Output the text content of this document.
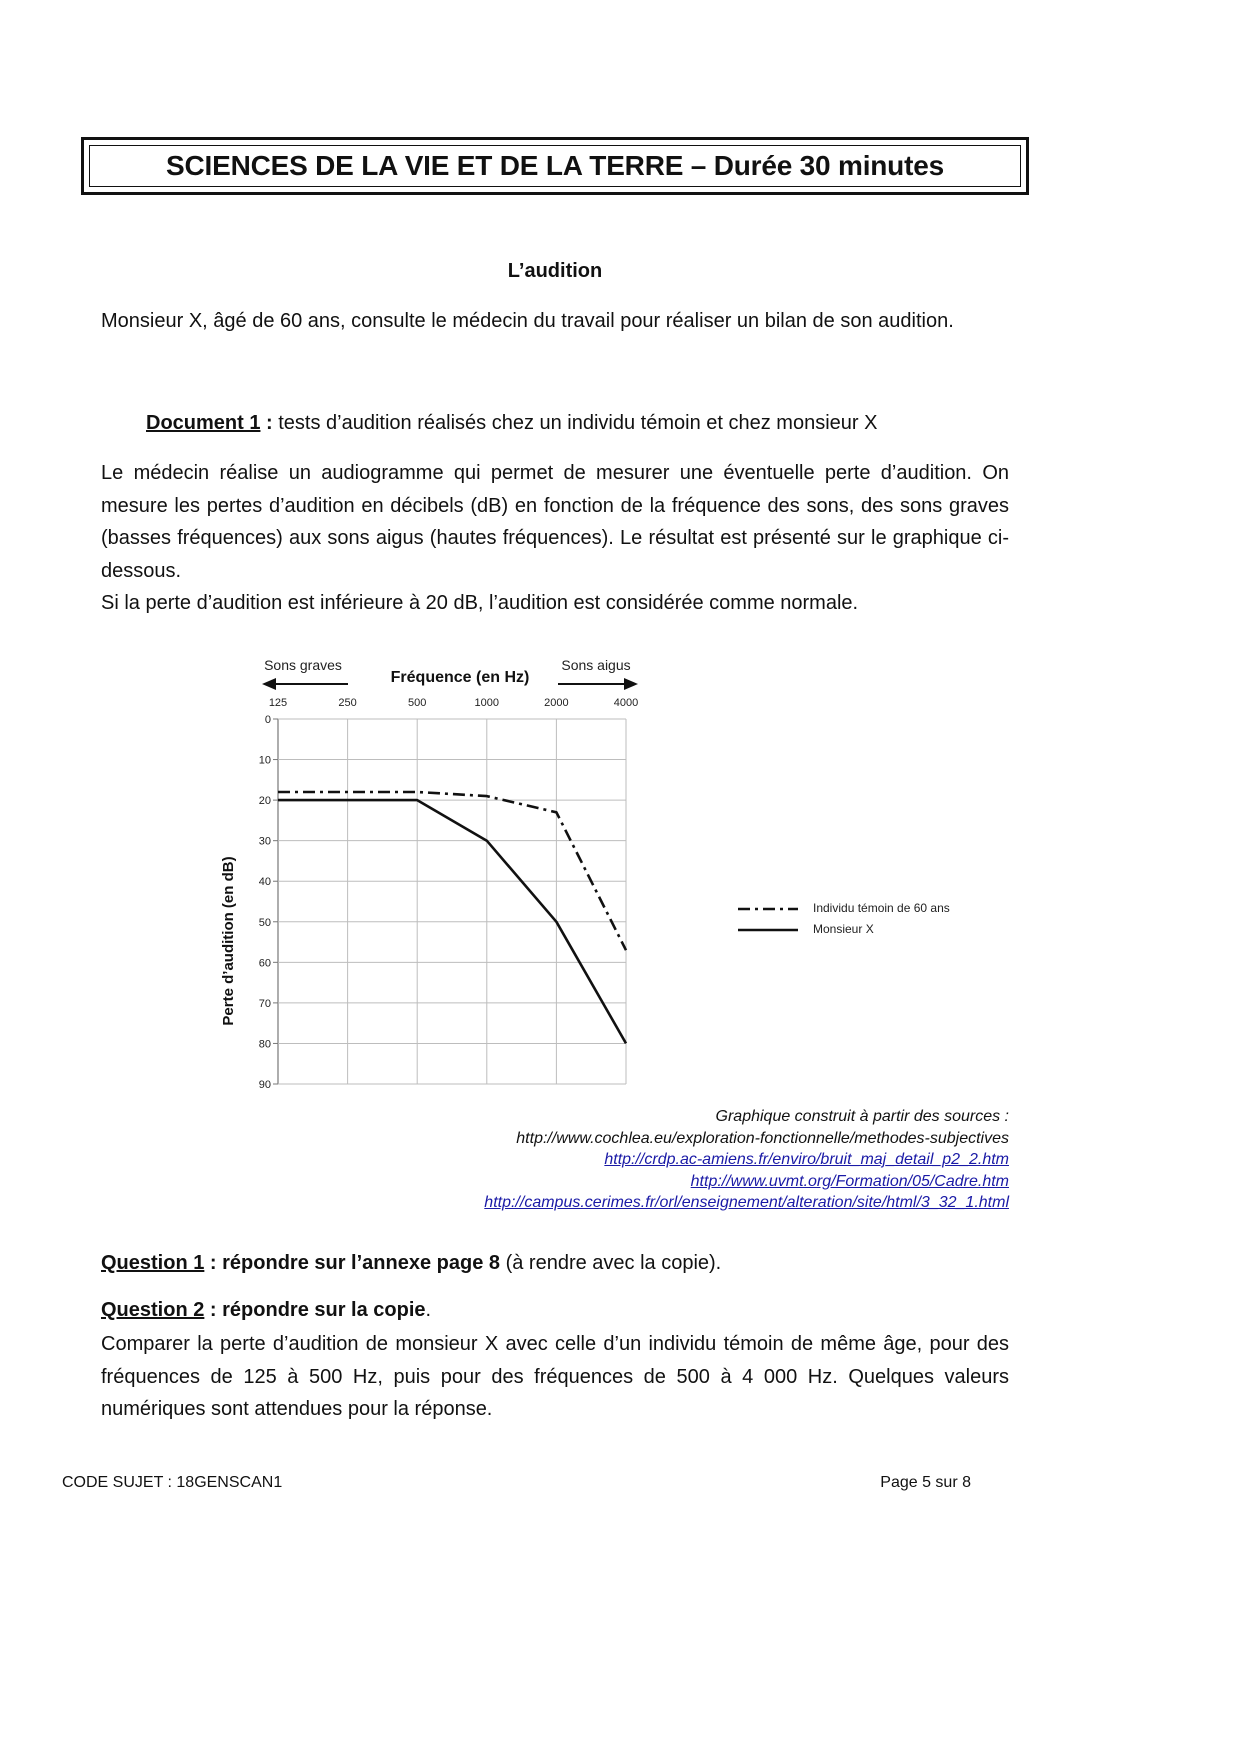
SCIENCES DE LA VIE ET DE LA TERRE – Durée 30 minutes
L’audition

Monsieur X, âgé de 60 ans, consulte le médecin du travail pour réaliser un bilan de son audition.

Document 1 : tests d’audition réalisés chez un individu témoin et chez monsieur X

Le médecin réalise un audiogramme qui permet de mesurer une éventuelle perte d’audition. On mesure les pertes d’audition en décibels (dB) en fonction de la fréquence des sons, des sons graves (basses fréquences) aux sons aigus (hautes fréquences). Le résultat est présenté sur le graphique ci-dessous.

Si la perte d’audition est inférieure à 20 dB, l’audition est considérée comme normale.

Sons graves
Fréquence (en Hz)
Sons aigus
125	250	500	1000	2000	4000
0
10
20
30
40
50
60
70
80
90
Perte d’audition (en dB)	Individu témoin de 60 ans
Monsieur X
Graphique construit à partir des sources :
http://www.cochlea.eu/exploration-fonctionnelle/methodes-subjectives
http://crdp.ac-amiens.fr/enviro/bruit_maj_detail_p2_2.htm
http://www.uvmt.org/Formation/05/Cadre.htm
http://campus.cerimes.fr/orl/enseignement/alteration/site/html/3_32_1.html
Question 1 : répondre sur l’annexe page 8 (à rendre avec la copie).
Question 2 : répondre sur la copie.

Comparer la perte d’audition de monsieur X avec celle d’un individu témoin de même âge, pour des fréquences de 125 à 500 Hz, puis pour des fréquences de 500 à 4 000 Hz. Quelques valeurs numériques sont attendues pour la réponse.

CODE SUJET : 18GENSCAN1	Page 5 sur 8
